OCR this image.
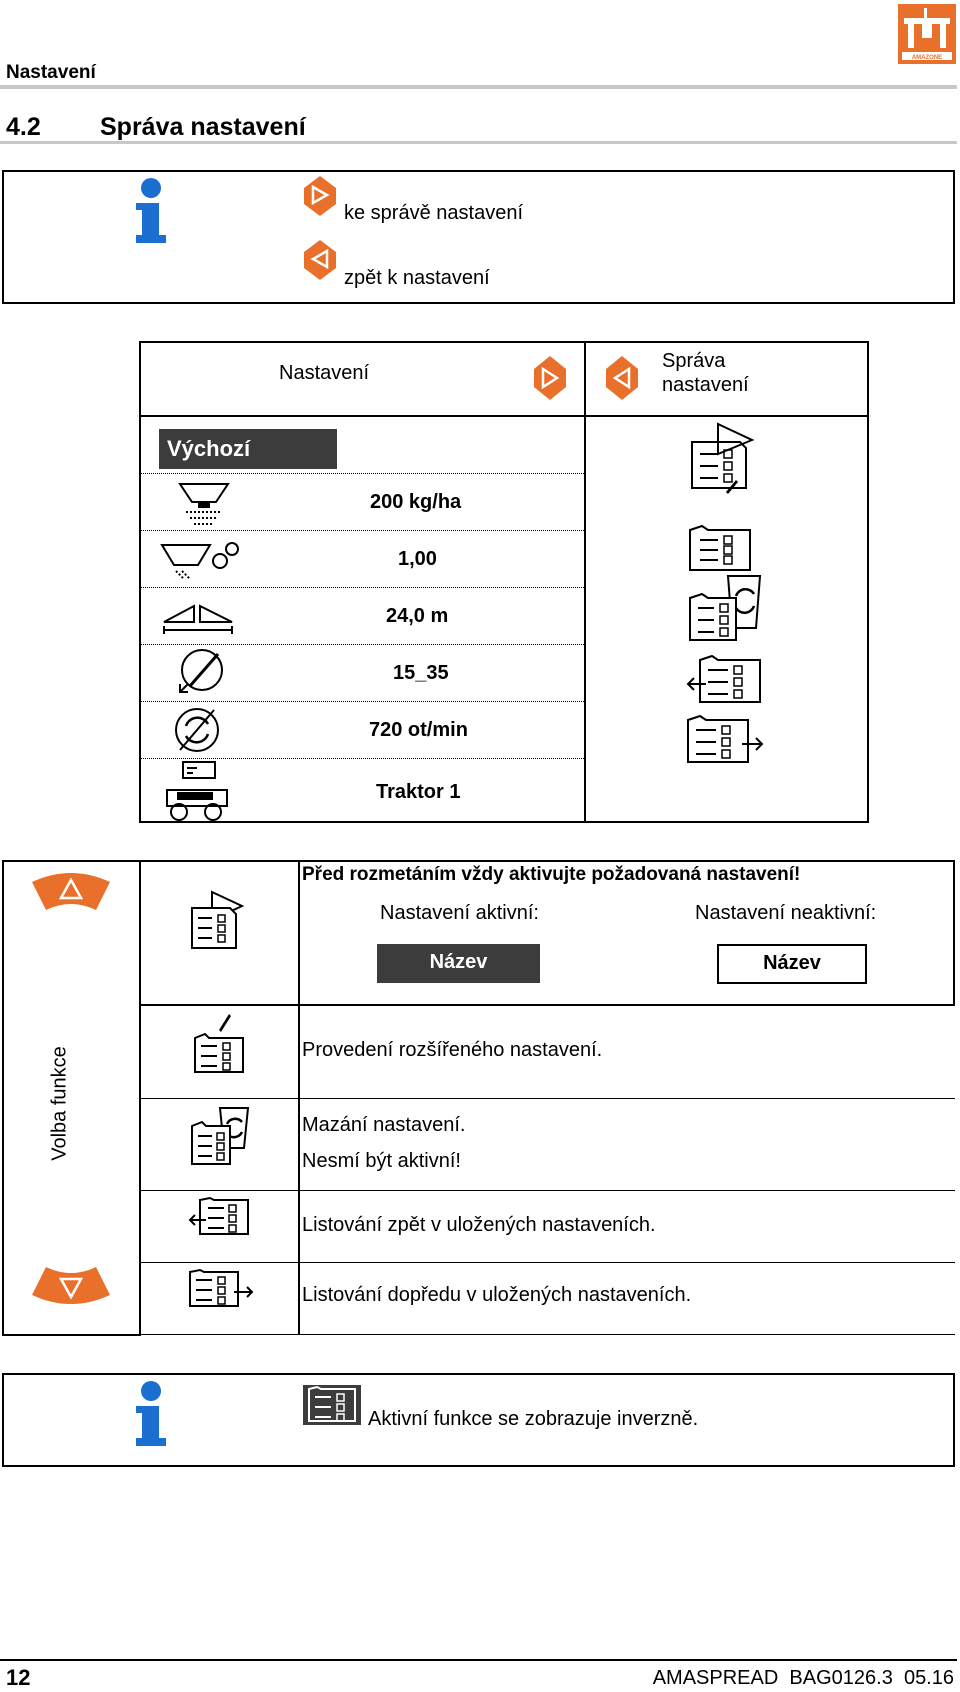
Nastavení
AMAZONE
4.2 Správa nastavení
ke správě nastavení
zpět k nastavení
Nastavení
Správa
nastavení
Výchozí
200 kg/ha
1,00
24,0 m
15_35
720 ot/min
Traktor 1
Volba funkce
Před rozmetáním vždy aktivujte požadovaná nastavení!
Nastavení aktivní:	Nastavení neaktivní:
Název	Název
Provedení rozšířeného nastavení.
Mazání nastavení.
Nesmí být aktivní!
Listování zpět v uložených nastaveních.
Listování dopředu v uložených nastaveních.
Aktivní funkce se zobrazuje inverzně.
12	AMASPREAD  BAG0126.3  05.16
